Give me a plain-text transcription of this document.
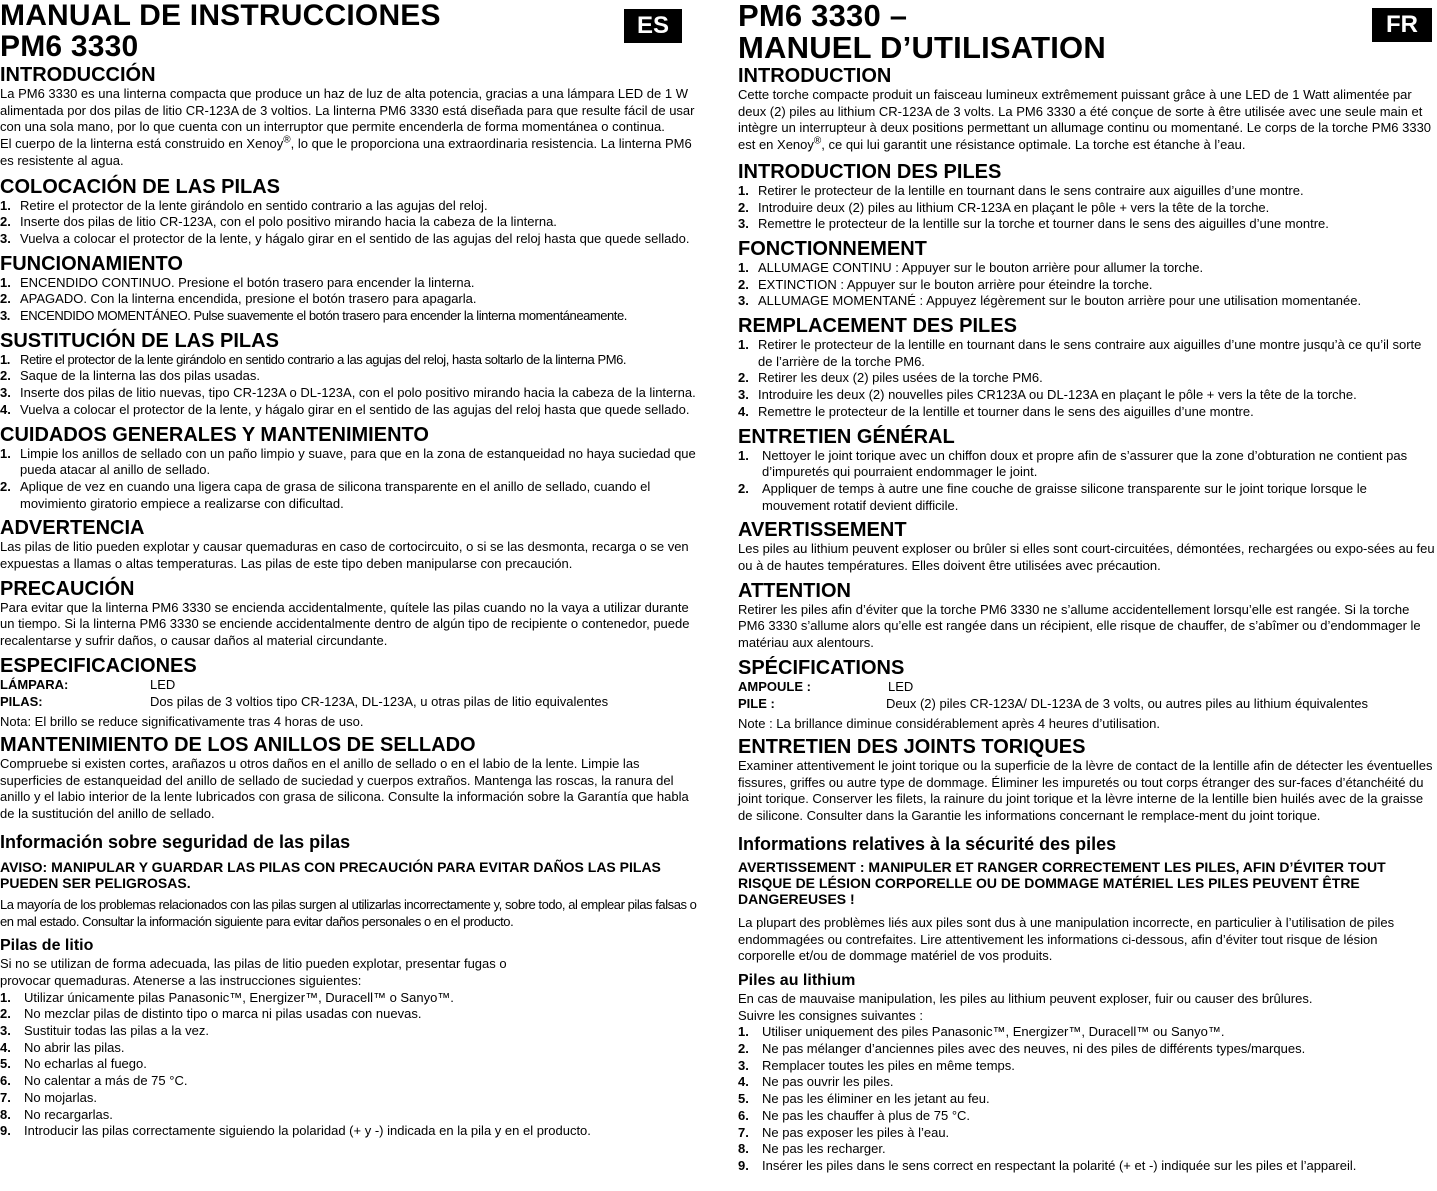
ES
MANUAL DE INSTRUCCIONES
PM6 3330
INTRODUCCIÓN

La PM6 3330 es una linterna compacta que produce un haz de luz de alta potencia, gracias a una lámpara LED de 1 W alimentada por dos pilas de litio CR-123A de 3 voltios. La linterna PM6 3330 está diseñada para que resulte fácil de usar con una sola mano, por lo que cuenta con un interruptor que permite encenderla de forma momentánea o continua.

El cuerpo de la linterna está construido en Xenoy®, lo que le proporciona una extraordinaria resistencia. La linterna PM6 es resistente al agua.

COLOCACIÓN DE LAS PILAS
1. Retire el protector de la lente girándolo en sentido contrario a las agujas del reloj.
2. Inserte dos pilas de litio CR-123A, con el polo positivo mirando hacia la cabeza de la linterna.
3. Vuelva a colocar el protector de la lente, y hágalo girar en el sentido de las agujas del reloj hasta que quede sellado.
FUNCIONAMIENTO
1. ENCENDIDO CONTINUO. Presione el botón trasero para encender la linterna.
2. APAGADO. Con la linterna encendida, presione el botón trasero para apagarla.
3. ENCENDIDO MOMENTÁNEO. Pulse suavemente el botón trasero para encender la linterna momentáneamente.
SUSTITUCIÓN DE LAS PILAS
1. Retire el protector de la lente girándolo en sentido contrario a las agujas del reloj, hasta soltarlo de la linterna PM6.
2. Saque de la linterna las dos pilas usadas.
3. Inserte dos pilas de litio nuevas, tipo CR-123A o DL-123A, con el polo positivo mirando hacia la cabeza de la linterna.
4. Vuelva a colocar el protector de la lente, y hágalo girar en el sentido de las agujas del reloj hasta que quede sellado.
CUIDADOS GENERALES Y MANTENIMIENTO
1. Limpie los anillos de sellado con un paño limpio y suave, para que en la zona de estanqueidad no haya suciedad que pueda atacar al anillo de sellado.
2. Aplique de vez en cuando una ligera capa de grasa de silicona transparente en el anillo de sellado, cuando el movimiento giratorio empiece a realizarse con dificultad.
ADVERTENCIA

Las pilas de litio pueden explotar y causar quemaduras en caso de cortocircuito, o si se las desmonta, recarga o se ven expuestas a llamas o altas temperaturas. Las pilas de este tipo deben manipularse con precaución.

PRECAUCIÓN

Para evitar que la linterna PM6 3330 se encienda accidentalmente, quítele las pilas cuando no la vaya a utilizar durante un tiempo. Si la linterna PM6 3330 se enciende accidentalmente dentro de algún tipo de recipiente o contenedor, puede recalentarse y sufrir daños, o causar daños al material circundante.

ESPECIFICACIONES
LÁMPARA:	LED
PILAS:	Dos pilas de 3 voltios tipo CR-123A, DL-123A, u otras pilas de litio equivalentes

Nota: El brillo se reduce significativamente tras 4 horas de uso.

MANTENIMIENTO DE LOS ANILLOS DE SELLADO

Compruebe si existen cortes, arañazos u otros daños en el anillo de sellado o en el labio de la lente. Limpie las superficies de estanqueidad del anillo de sellado de suciedad y cuerpos extraños. Mantenga las roscas, la ranura del anillo y el labio interior de la lente lubricados con grasa de silicona. Consulte la información sobre la Garantía que habla de la sustitución del anillo de sellado.

Información sobre seguridad de las pilas

AVISO: MANIPULAR Y GUARDAR LAS PILAS CON PRECAUCIÓN PARA EVITAR DAÑOS LAS PILAS PUEDEN SER PELIGROSAS.

La mayoría de los problemas relacionados con las pilas surgen al utilizarlas incorrectamente y, sobre todo, al emplear pilas falsas o en mal estado. Consultar la información siguiente para evitar daños personales o en el producto.

Pilas de litio

Si no se utilizan de forma adecuada, las pilas de litio pueden explotar, presentar fugas o provocar quemaduras. Atenerse a las instrucciones siguientes:

1. Utilizar únicamente pilas Panasonic™, Energizer™, Duracell™ o Sanyo™.
2. No mezclar pilas de distinto tipo o marca ni pilas usadas con nuevas.
3. Sustituir todas las pilas a la vez.
4. No abrir las pilas.
5. No echarlas al fuego.
6. No calentar a más de 75 °C.
7. No mojarlas.
8. No recargarlas.
9. Introducir las pilas correctamente siguiendo la polaridad (+ y -) indicada en la pila y en el producto.
FR
PM6 3330 –
MANUEL D’UTILISATION
INTRODUCTION

Cette torche compacte produit un faisceau lumineux extrêmement puissant grâce à une LED de 1 Watt alimentée par deux (2) piles au lithium CR-123A de 3 volts. La PM6 3330 a été conçue de sorte à être utilisée avec une seule main et intègre un interrupteur à deux positions permettant un allumage continu ou momentané. Le corps de la torche PM6 3330 est en Xenoy®, ce qui lui garantit une résistance optimale. La torche est étanche à l’eau.

INTRODUCTION DES PILES
1. Retirer le protecteur de la lentille en tournant dans le sens contraire aux aiguilles d’une montre.
2. Introduire deux (2) piles au lithium CR-123A en plaçant le pôle + vers la tête de la torche.
3. Remettre le protecteur de la lentille sur la torche et tourner dans le sens des aiguilles d’une montre.
FONCTIONNEMENT
1. ALLUMAGE CONTINU : Appuyer sur le bouton arrière pour allumer la torche.
2. EXTINCTION : Appuyer sur le bouton arrière pour éteindre la torche.
3. ALLUMAGE MOMENTANÉ : Appuyez légèrement sur le bouton arrière pour une utilisation momentanée.
REMPLACEMENT DES PILES
1. Retirer le protecteur de la lentille en tournant dans le sens contraire aux aiguilles d’une montre jusqu’à ce qu’il sorte de l’arrière de la torche PM6.
2. Retirer les deux (2) piles usées de la torche PM6.
3. Introduire les deux (2) nouvelles piles CR123A ou DL-123A en plaçant le pôle + vers la tête de la torche.
4. Remettre le protecteur de la lentille et tourner dans le sens des aiguilles d’une montre.
ENTRETIEN GÉNÉRAL
1. Nettoyer le joint torique avec un chiffon doux et propre afin de s’assurer que la zone d’obturation ne contient pas d’impuretés qui pourraient endommager le joint.
2. Appliquer de temps à autre une fine couche de graisse silicone transparente sur le joint torique lorsque le mouvement rotatif devient difficile.
AVERTISSEMENT

Les piles au lithium peuvent exploser ou brûler si elles sont court-circuitées, démontées, rechargées ou expo-sées au feu ou à de hautes températures. Elles doivent être utilisées avec précaution.

ATTENTION

Retirer les piles afin d’éviter que la torche PM6 3330 ne s’allume accidentellement lorsqu’elle est rangée. Si la torche PM6 3330 s’allume alors qu’elle est rangée dans un récipient, elle risque de chauffer, de s’abîmer ou d’endommager le matériau aux alentours.

SPÉCIFICATIONS
AMPOULE :	LED
PILE :	Deux (2) piles CR-123A/ DL-123A de 3 volts, ou autres piles au lithium équivalentes

Note : La brillance diminue considérablement après 4 heures d’utilisation.

ENTRETIEN DES JOINTS TORIQUES

Examiner attentivement le joint torique ou la superficie de la lèvre de contact de la lentille afin de détecter les éventuelles fissures, griffes ou autre type de dommage. Éliminer les impuretés ou tout corps étranger des sur-faces d’étanchéité du joint torique. Conserver les filets, la rainure du joint torique et la lèvre interne de la lentille bien huilés avec de la graisse de silicone. Consulter dans la Garantie les informations concernant le remplace-ment du joint torique.

Informations relatives à la sécurité des piles

AVERTISSEMENT : MANIPULER ET RANGER CORRECTEMENT LES PILES, AFIN D’ÉVITER TOUT RISQUE DE LÉSION CORPORELLE OU DE DOMMAGE MATÉRIEL LES PILES PEUVENT ÊTRE DANGEREUSES !

La plupart des problèmes liés aux piles sont dus à une manipulation incorrecte, en particulier à l’utilisation de piles endommagées ou contrefaites. Lire attentivement les informations ci-dessous, afin d’éviter tout risque de lésion corporelle et/ou de dommage matériel de vos produits.

Piles au lithium

En cas de mauvaise manipulation, les piles au lithium peuvent exploser, fuir ou causer des brûlures.

Suivre les consignes suivantes :

1. Utiliser uniquement des piles Panasonic™, Energizer™, Duracell™ ou Sanyo™.
2. Ne pas mélanger d’anciennes piles avec des neuves, ni des piles de différents types/marques.
3. Remplacer toutes les piles en même temps.
4. Ne pas ouvrir les piles.
5. Ne pas les éliminer en les jetant au feu.
6. Ne pas les chauffer à plus de 75 °C.
7. Ne pas exposer les piles à l’eau.
8. Ne pas les recharger.
9. Insérer les piles dans le sens correct en respectant la polarité (+ et -) indiquée sur les piles et l’appareil.
